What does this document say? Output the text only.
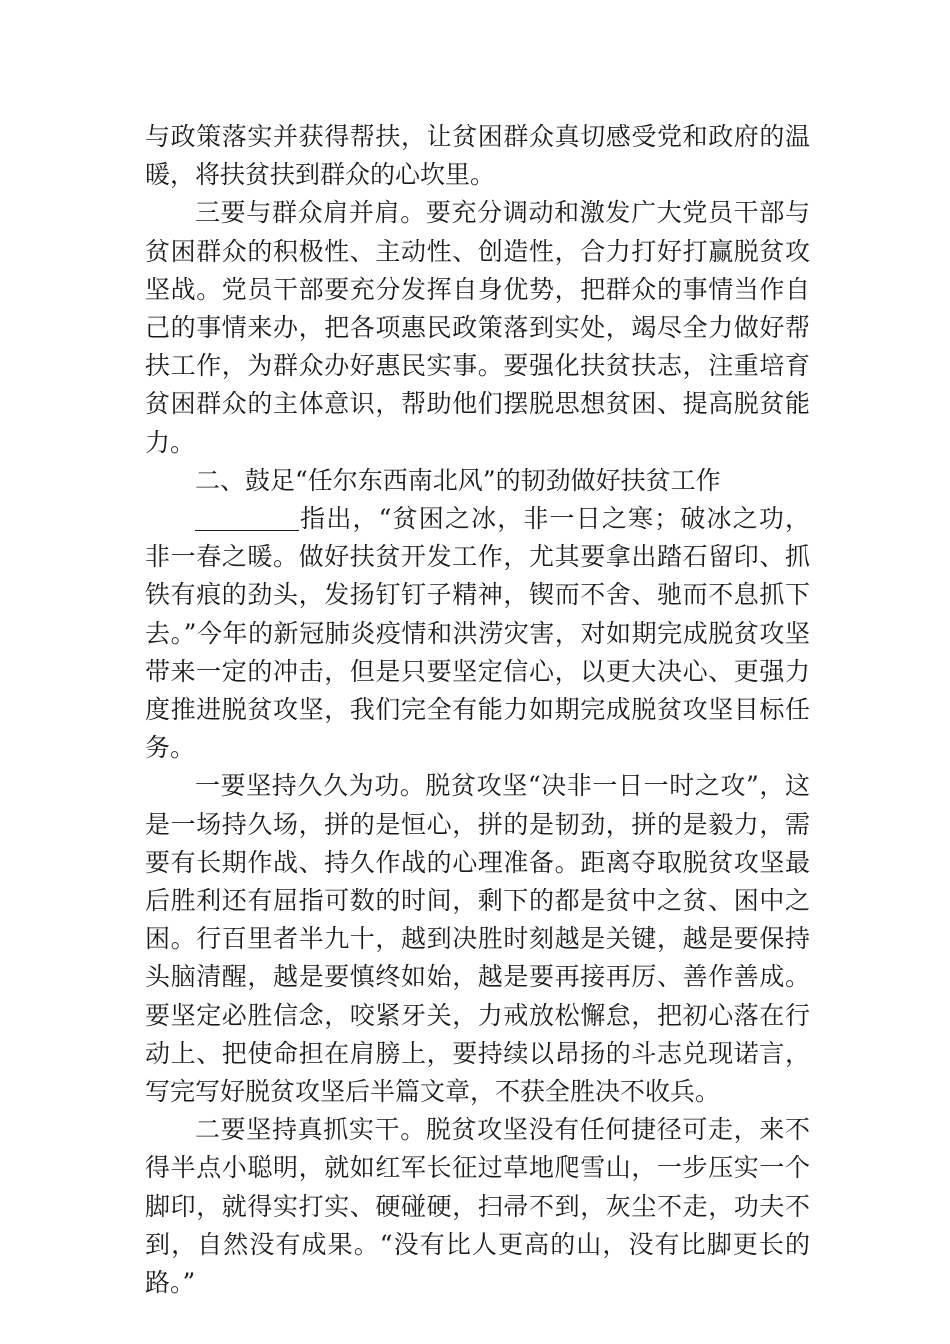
与政策落实并获得帮扶，让贫困群众真切感受党和政府的温暖，将扶贫扶到群众的心坎里。

三要与群众肩并肩。要充分调动和激发广大党员干部与贫困群众的积极性、主动性、创造性，合力打好打赢脱贫攻坚战。党员干部要充分发挥自身优势，把群众的事情当作自己的事情来办，把各项惠民政策落到实处，竭尽全力做好帮扶工作，为群众办好惠民实事。要强化扶贫扶志，注重培育贫困群众的主体意识，帮助他们摆脱思想贫困、提高脱贫能力。

二、鼓足“任尔东西南北风”的韧劲做好扶贫工作

指出，“贫困之冰，非一日之寒；破冰之功，非一春之暖。做好扶贫开发工作，尤其要拿出踏石留印、抓铁有痕的劲头，发扬钉钉子精神，锲而不舍、驰而不息抓下去。”今年的新冠肺炎疫情和洪涝灾害，对如期完成脱贫攻坚带来一定的冲击，但是只要坚定信心，以更大决心、更强力度推进脱贫攻坚，我们完全有能力如期完成脱贫攻坚目标任务。

一要坚持久久为功。脱贫攻坚“决非一日一时之攻”，这是一场持久场，拼的是恒心，拼的是韧劲，拼的是毅力，需要有长期作战、持久作战的心理准备。距离夺取脱贫攻坚最后胜利还有屈指可数的时间，剩下的都是贫中之贫、困中之困。行百里者半九十，越到决胜时刻越是关键，越是要保持头脑清醒，越是要慎终如始，越是要再接再厉、善作善成。要坚定必胜信念，咬紧牙关，力戒放松懈怠，把初心落在行动上、把使命担在肩膀上，要持续以昂扬的斗志兑现诺言，写完写好脱贫攻坚后半篇文章，不获全胜决不收兵。

二要坚持真抓实干。脱贫攻坚没有任何捷径可走，来不得半点小聪明，就如红军长征过草地爬雪山，一步压实一个脚印，就得实打实、硬碰硬，扫帚不到，灰尘不走，功夫不到，自然没有成果。“没有比人更高的山，没有比脚更长的路。”
